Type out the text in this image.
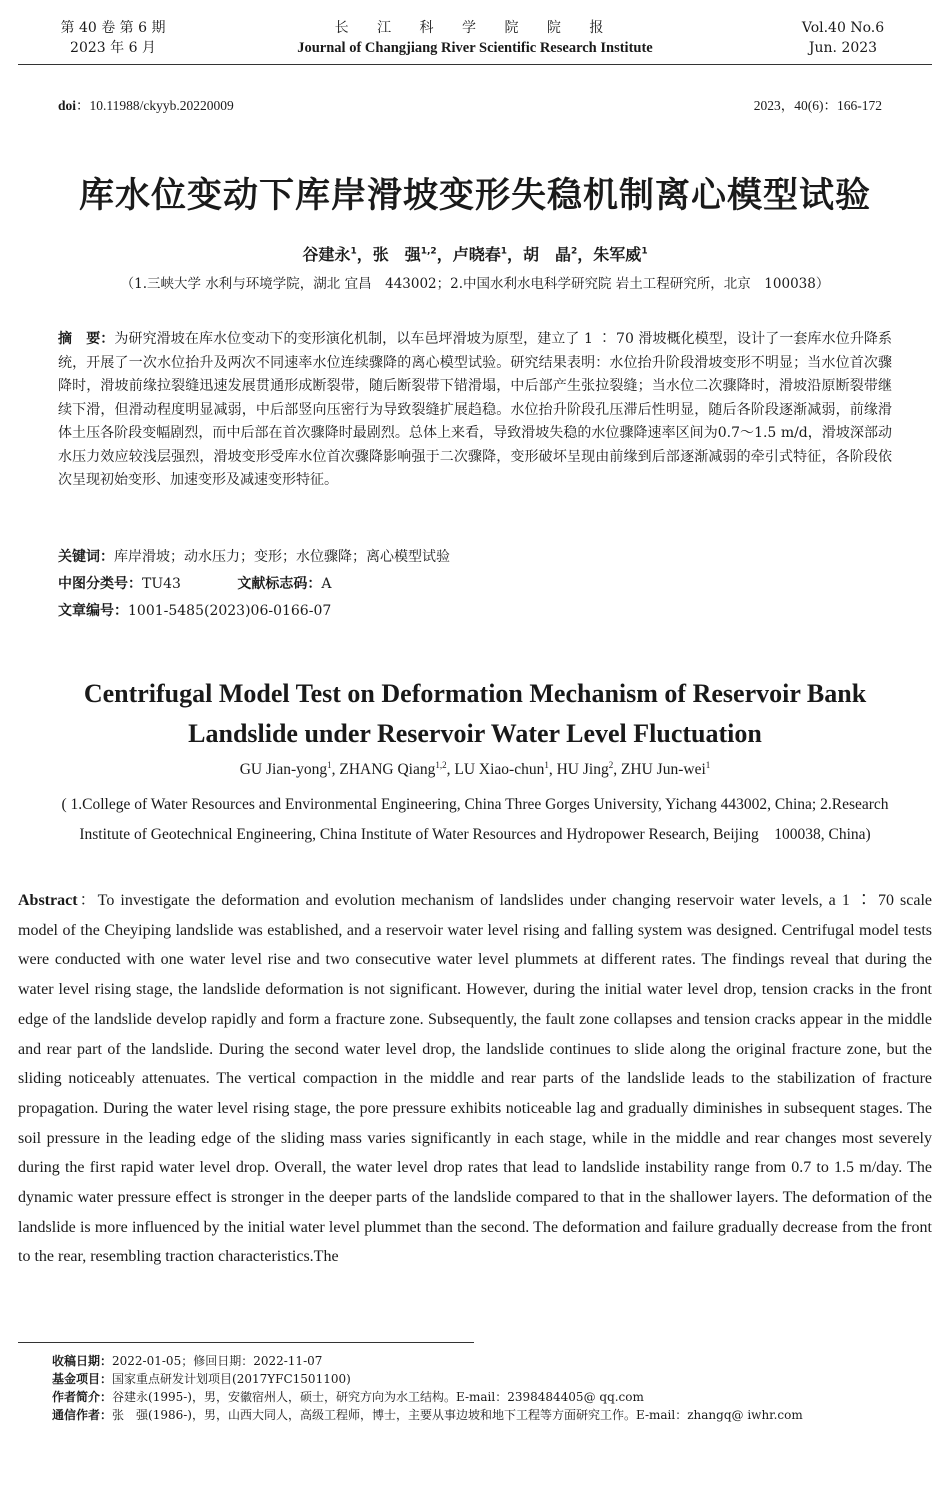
第 40 卷 第 6 期
2023 年 6 月
长 江 科 学 院 院 报
Journal of Changjiang River Scientific Research Institute
Vol.40 No.6
Jun. 2023
doi：10.11988/ckyyb.20220009	2023，40(6)：166-172
库水位变动下库岸滑坡变形失稳机制离心模型试验
谷建永$^1$，张　强$^{1,2}$，卢晓春$^1$，胡　晶$^2$，朱军威$^1$
（1.三峡大学 水利与环境学院，湖北 宜昌　443002；2.中国水利水电科学研究院 岩土工程研究所，北京　100038）
摘　要：为研究滑坡在库水位变动下的变形演化机制，以车邑坪滑坡为原型，建立了 1 ∶ 70 滑坡概化模型，设计了一套库水位升降系统，开展了一次水位抬升及两次不同速率水位连续骤降的离心模型试验。研究结果表明：水位抬升阶段滑坡变形不明显；当水位首次骤降时，滑坡前缘拉裂缝迅速发展贯通形成断裂带，随后断裂带下错滑塌，中后部产生张拉裂缝；当水位二次骤降时，滑坡沿原断裂带继续下滑，但滑动程度明显减弱，中后部竖向压密行为导致裂缝扩展趋稳。水位抬升阶段孔压滞后性明显，随后各阶段逐渐减弱，前缘滑体土压各阶段变幅剧烈，而中后部在首次骤降时最剧烈。总体上来看，导致滑坡失稳的水位骤降速率区间为0.7～1.5 m/d，滑坡深部动水压力效应较浅层强烈，滑坡变形受库水位首次骤降影响强于二次骤降，变形破坏呈现由前缘到后部逐渐减弱的牵引式特征，各阶段依次呈现初始变形、加速变形及减速变形特征。
关键词：库岸滑坡；动水压力；变形；水位骤降；离心模型试验
中图分类号：TU43	文献标志码：A
文章编号：1001-5485(2023)06-0166-07
Centrifugal Model Test on Deformation Mechanism of Reservoir Bank
Landslide under Reservoir Water Level Fluctuation
GU Jian-yong$^1$, ZHANG Qiang$^{1,2}$, LU Xiao-chun$^1$, HU Jing$^2$, ZHU Jun-wei$^1$
( 1.College of Water Resources and Environmental Engineering, China Three Gorges University, Yichang 443002, China; 2.Research Institute of Geotechnical Engineering, China Institute of Water Resources and Hydropower Research, Beijing　100038, China)
Abstract：To investigate the deformation and evolution mechanism of landslides under changing reservoir water levels, a 1 ∶ 70 scale model of the Cheyiping landslide was established, and a reservoir water level rising and falling system was designed. Centrifugal model tests were conducted with one water level rise and two consecutive water level plummets at different rates. The findings reveal that during the water level rising stage, the landslide deformation is not significant. However, during the initial water level drop, tension cracks in the front edge of the landslide develop rapidly and form a fracture zone. Subsequently, the fault zone collapses and tension cracks appear in the middle and rear part of the landslide. During the second water level drop, the landslide continues to slide along the original fracture zone, but the sliding noticeably attenuates. The vertical compaction in the middle and rear parts of the landslide leads to the stabilization of fracture propagation. During the water level rising stage, the pore pressure exhibits noticeable lag and gradually diminishes in subsequent stages. The soil pressure in the leading edge of the sliding mass varies significantly in each stage, while in the middle and rear changes most severely during the first rapid water level drop. Overall, the water level drop rates that lead to landslide instability range from 0.7 to 1.5 m/day. The dynamic water pressure effect is stronger in the deeper parts of the landslide compared to that in the shallower layers. The deformation of the landslide is more influenced by the initial water level plummet than the second. The deformation and failure gradually decrease from the front to the rear, resembling traction characteristics.The
收稿日期：2022-01-05；修回日期：2022-11-07
基金项目：国家重点研发计划项目(2017YFC1501100)
作者简介：谷建永(1995-)，男，安徽宿州人，硕士，研究方向为水工结构。E-mail：2398484405@ qq.com
通信作者：张　强(1986-)，男，山西大同人，高级工程师，博士，主要从事边坡和地下工程等方面研究工作。E-mail：zhangq@ iwhr.com
